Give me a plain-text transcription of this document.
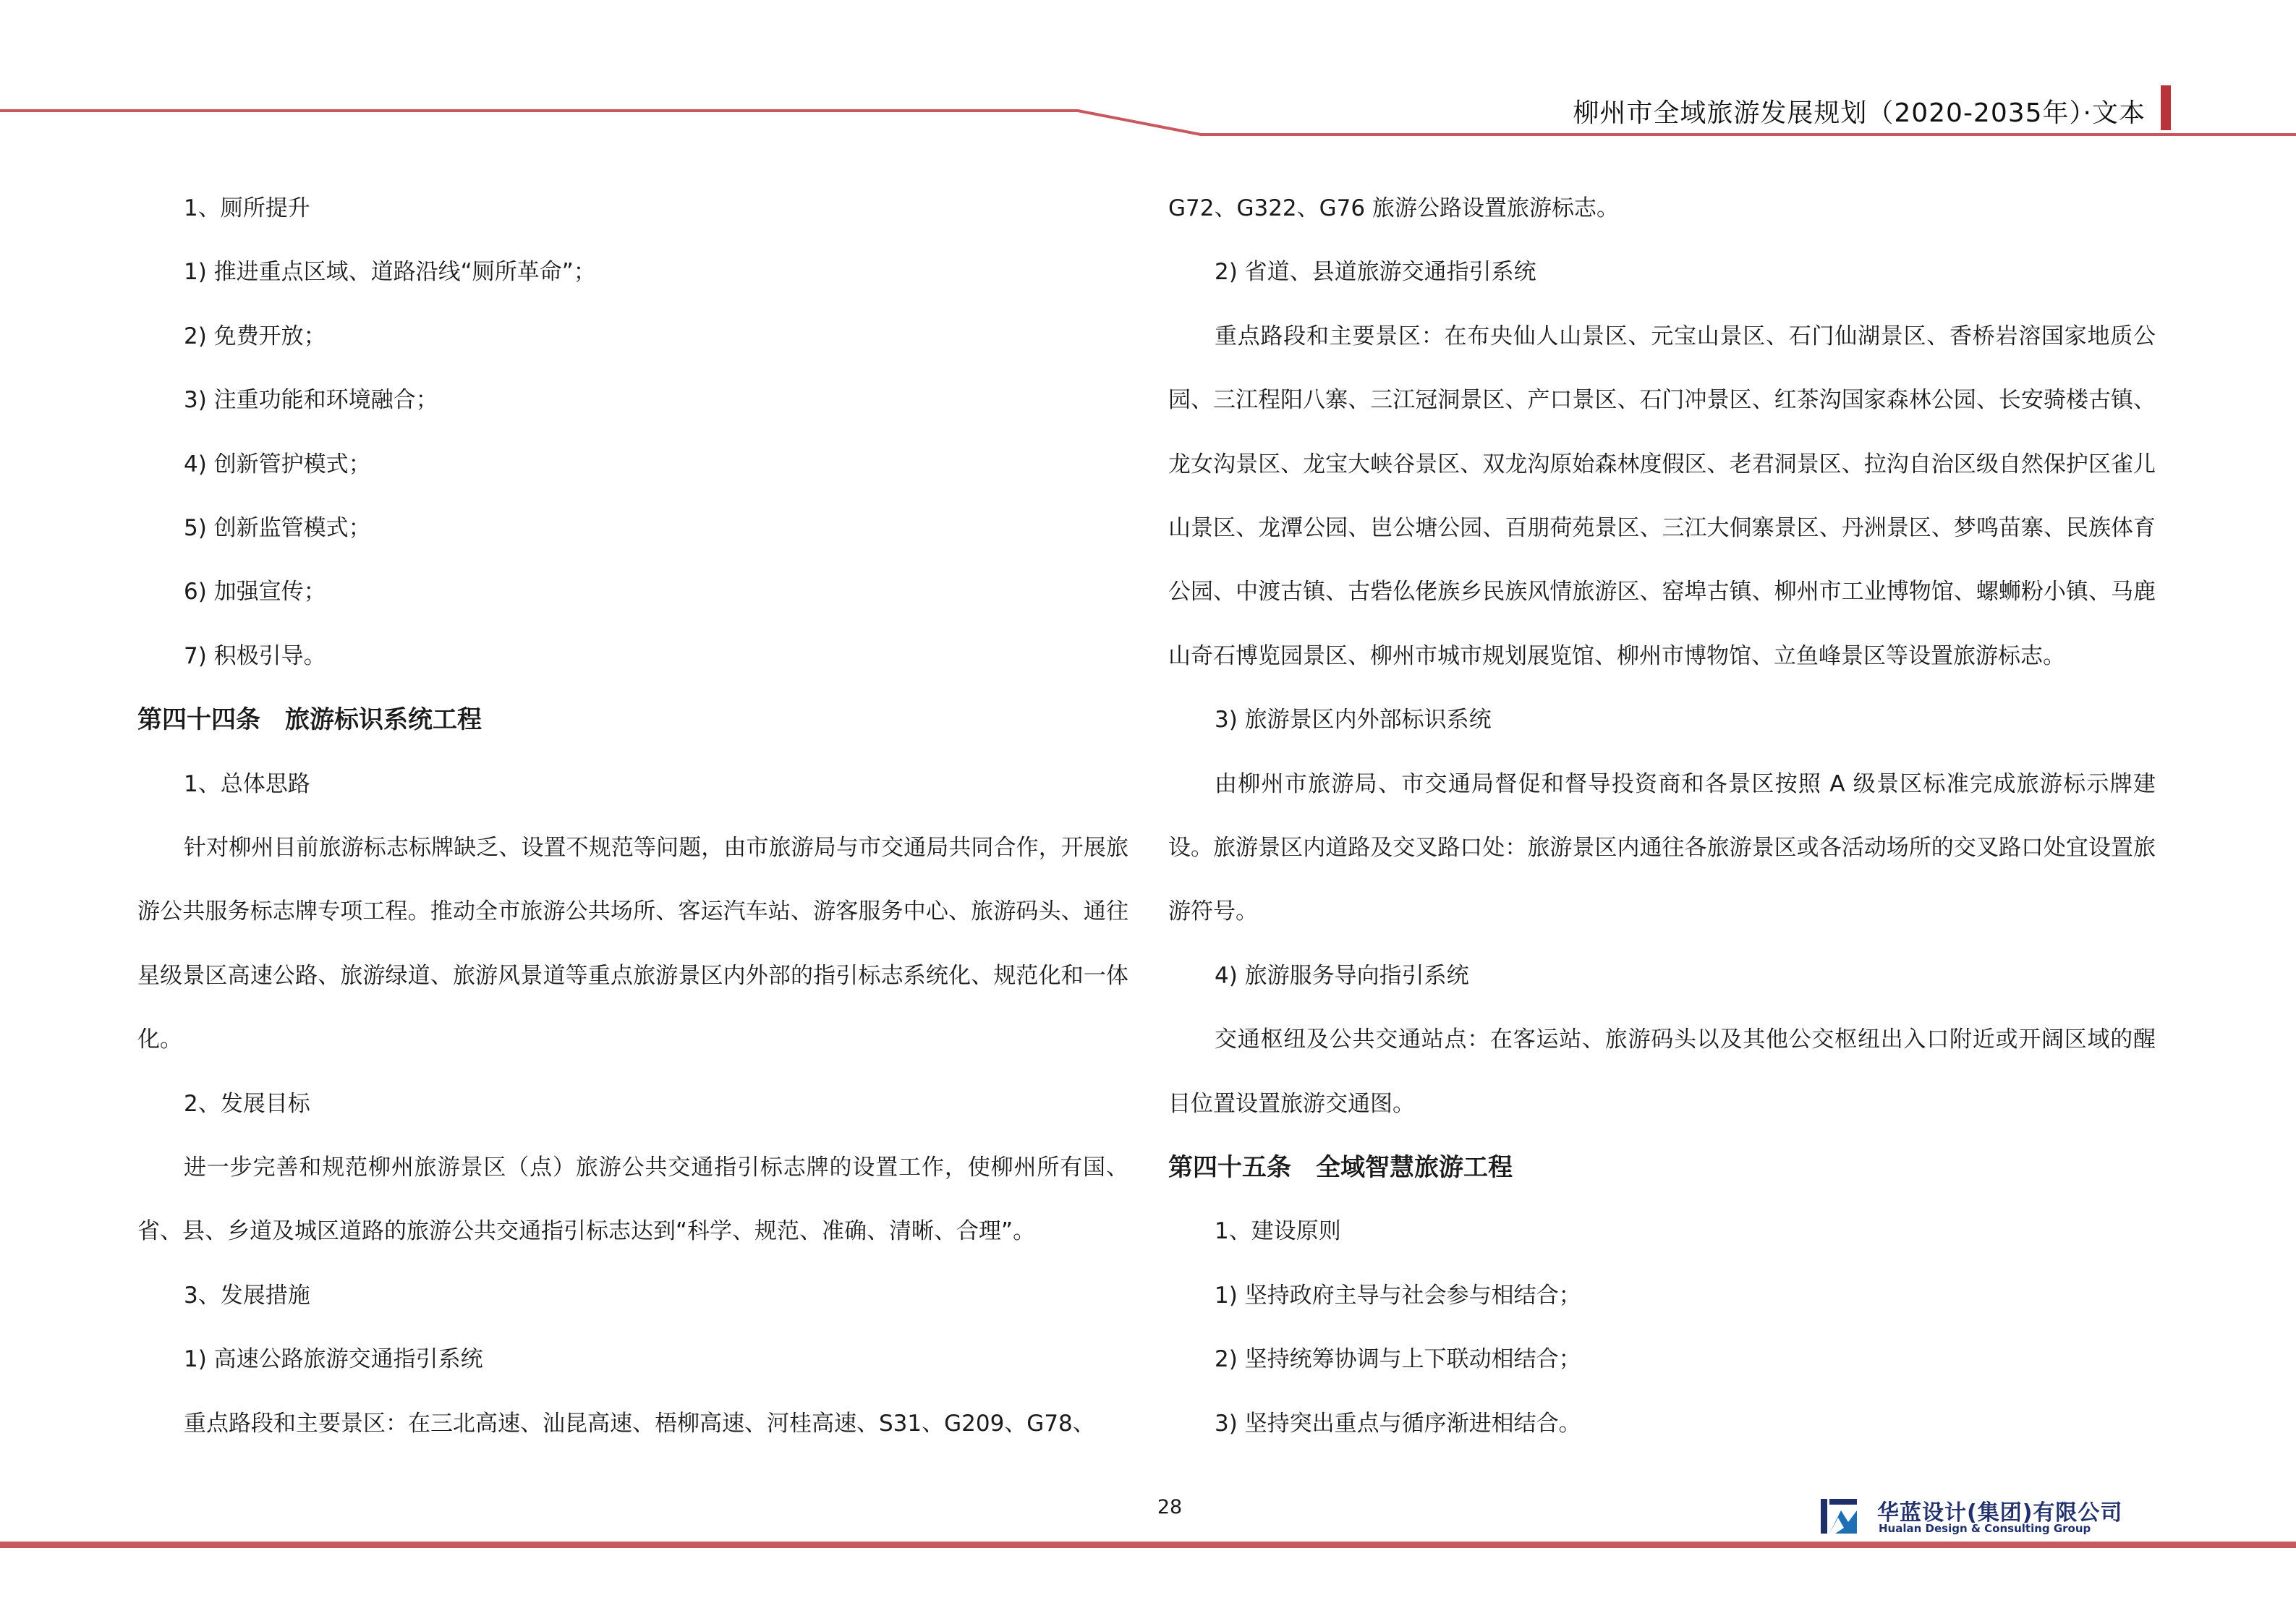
柳州市全域旅游发展规划（2020-2035年）·文本

1、厕所提升

1) 推进重点区域、道路沿线“厕所革命”；

2) 免费开放；

3) 注重功能和环境融合；

4) 创新管护模式；

5) 创新监管模式；

6) 加强宣传；

7) 积极引导。

第四十四条 旅游标识系统工程

1、总体思路

针对柳州目前旅游标志标牌缺乏、设置不规范等问题，由市旅游局与市交通局共同合作，开展旅游公共服务标志牌专项工程。推动全市旅游公共场所、客运汽车站、游客服务中心、旅游码头、通往星级景区高速公路、旅游绿道、旅游风景道等重点旅游景区内外部的指引标志系统化、规范化和一体化。

2、发展目标

进一步完善和规范柳州旅游景区（点）旅游公共交通指引标志牌的设置工作，使柳州所有国、省、县、乡道及城区道路的旅游公共交通指引标志达到“科学、规范、准确、清晰、合理”。

3、发展措施

1) 高速公路旅游交通指引系统

重点路段和主要景区：在三北高速、汕昆高速、梧柳高速、河桂高速、S31、G209、G78、

G72、G322、G76 旅游公路设置旅游标志。

2) 省道、县道旅游交通指引系统

重点路段和主要景区：在布央仙人山景区、元宝山景区、石门仙湖景区、香桥岩溶国家地质公园、三江程阳八寨、三江冠洞景区、产口景区、石门冲景区、红茶沟国家森林公园、长安骑楼古镇、龙女沟景区、龙宝大峡谷景区、双龙沟原始森林度假区、老君洞景区、拉沟自治区级自然保护区雀儿山景区、龙潭公园、岜公塘公园、百朋荷苑景区、三江大侗寨景区、丹洲景区、梦鸣苗寨、民族体育公园、中渡古镇、古砦仫佬族乡民族风情旅游区、窑埠古镇、柳州市工业博物馆、螺蛳粉小镇、马鹿山奇石博览园景区、柳州市城市规划展览馆、柳州市博物馆、立鱼峰景区等设置旅游标志。

3) 旅游景区内外部标识系统

由柳州市旅游局、市交通局督促和督导投资商和各景区按照 A 级景区标准完成旅游标示牌建设。旅游景区内道路及交叉路口处：旅游景区内通往各旅游景区或各活动场所的交叉路口处宜设置旅游符号。

4) 旅游服务导向指引系统

交通枢纽及公共交通站点：在客运站、旅游码头以及其他公交枢纽出入口附近或开阔区域的醒目位置设置旅游交通图。

第四十五条 全域智慧旅游工程

1、建设原则

1) 坚持政府主导与社会参与相结合；

2) 坚持统筹协调与上下联动相结合；

3) 坚持突出重点与循序渐进相结合。

28	华蓝设计(集团)有限公司
Hualan Design & Consulting Group
